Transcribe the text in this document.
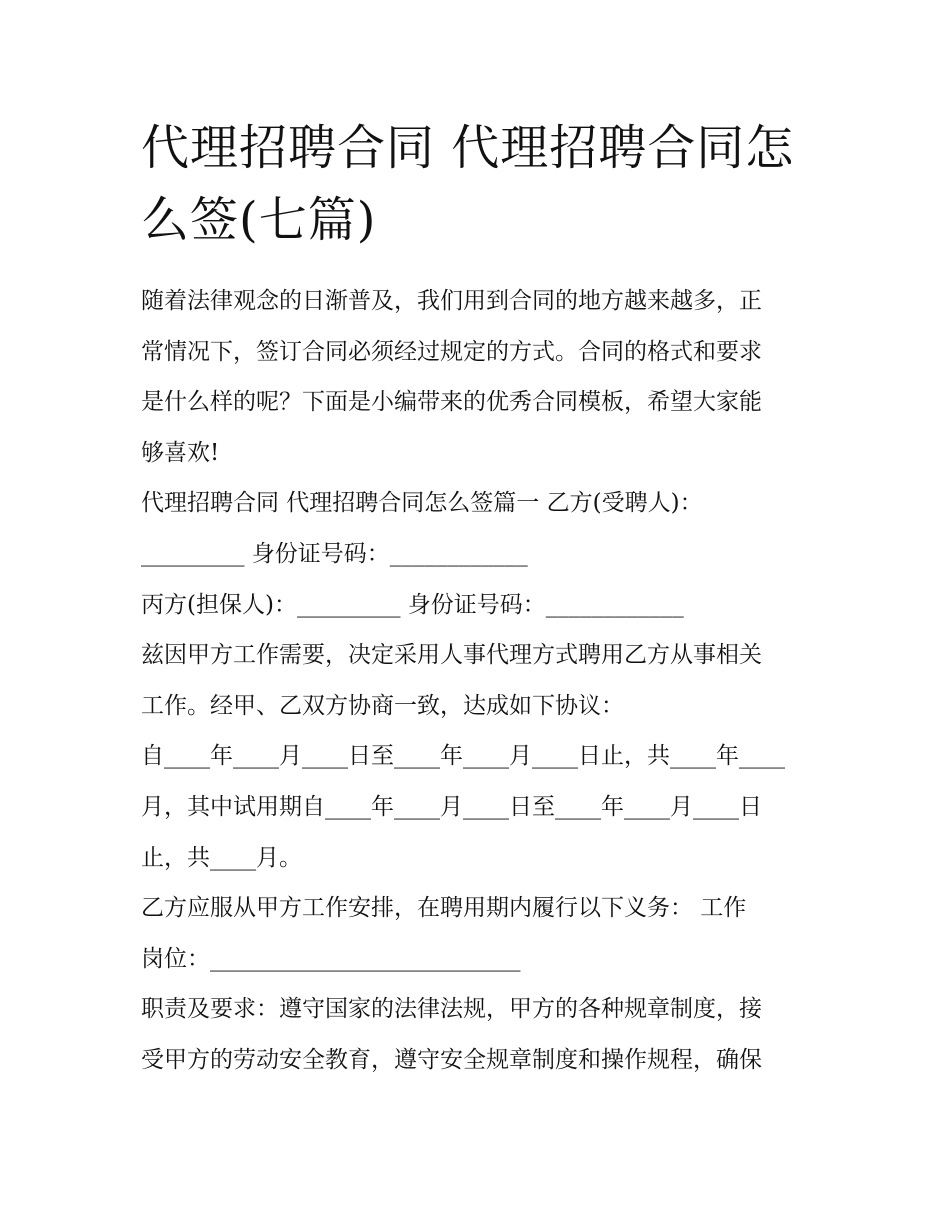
代理招聘合同 代理招聘合同怎
么签(七篇)

随着法律观念的日渐普及，我们用到合同的地方越来越多，正
常情况下，签订合同必须经过规定的方式。合同的格式和要求
是什么样的呢？下面是小编带来的优秀合同模板，希望大家能
够喜欢!

代理招聘合同 代理招聘合同怎么签篇一 乙方(受聘人)：
_________ 身份证号码：____________

丙方(担保人)：_________ 身份证号码：____________

兹因甲方工作需要，决定采用人事代理方式聘用乙方从事相关
工作。经甲、乙双方协商一致，达成如下协议：

自____年____月____日至____年____月____日止，共____年____
月，其中试用期自____年____月____日至____年____月____日
止，共____月。

乙方应服从甲方工作安排，在聘用期内履行以下义务： 工作
岗位：___________________________

职责及要求：遵守国家的法律法规，甲方的各种规章制度，接
受甲方的劳动安全教育，遵守安全规章制度和操作规程，确保
